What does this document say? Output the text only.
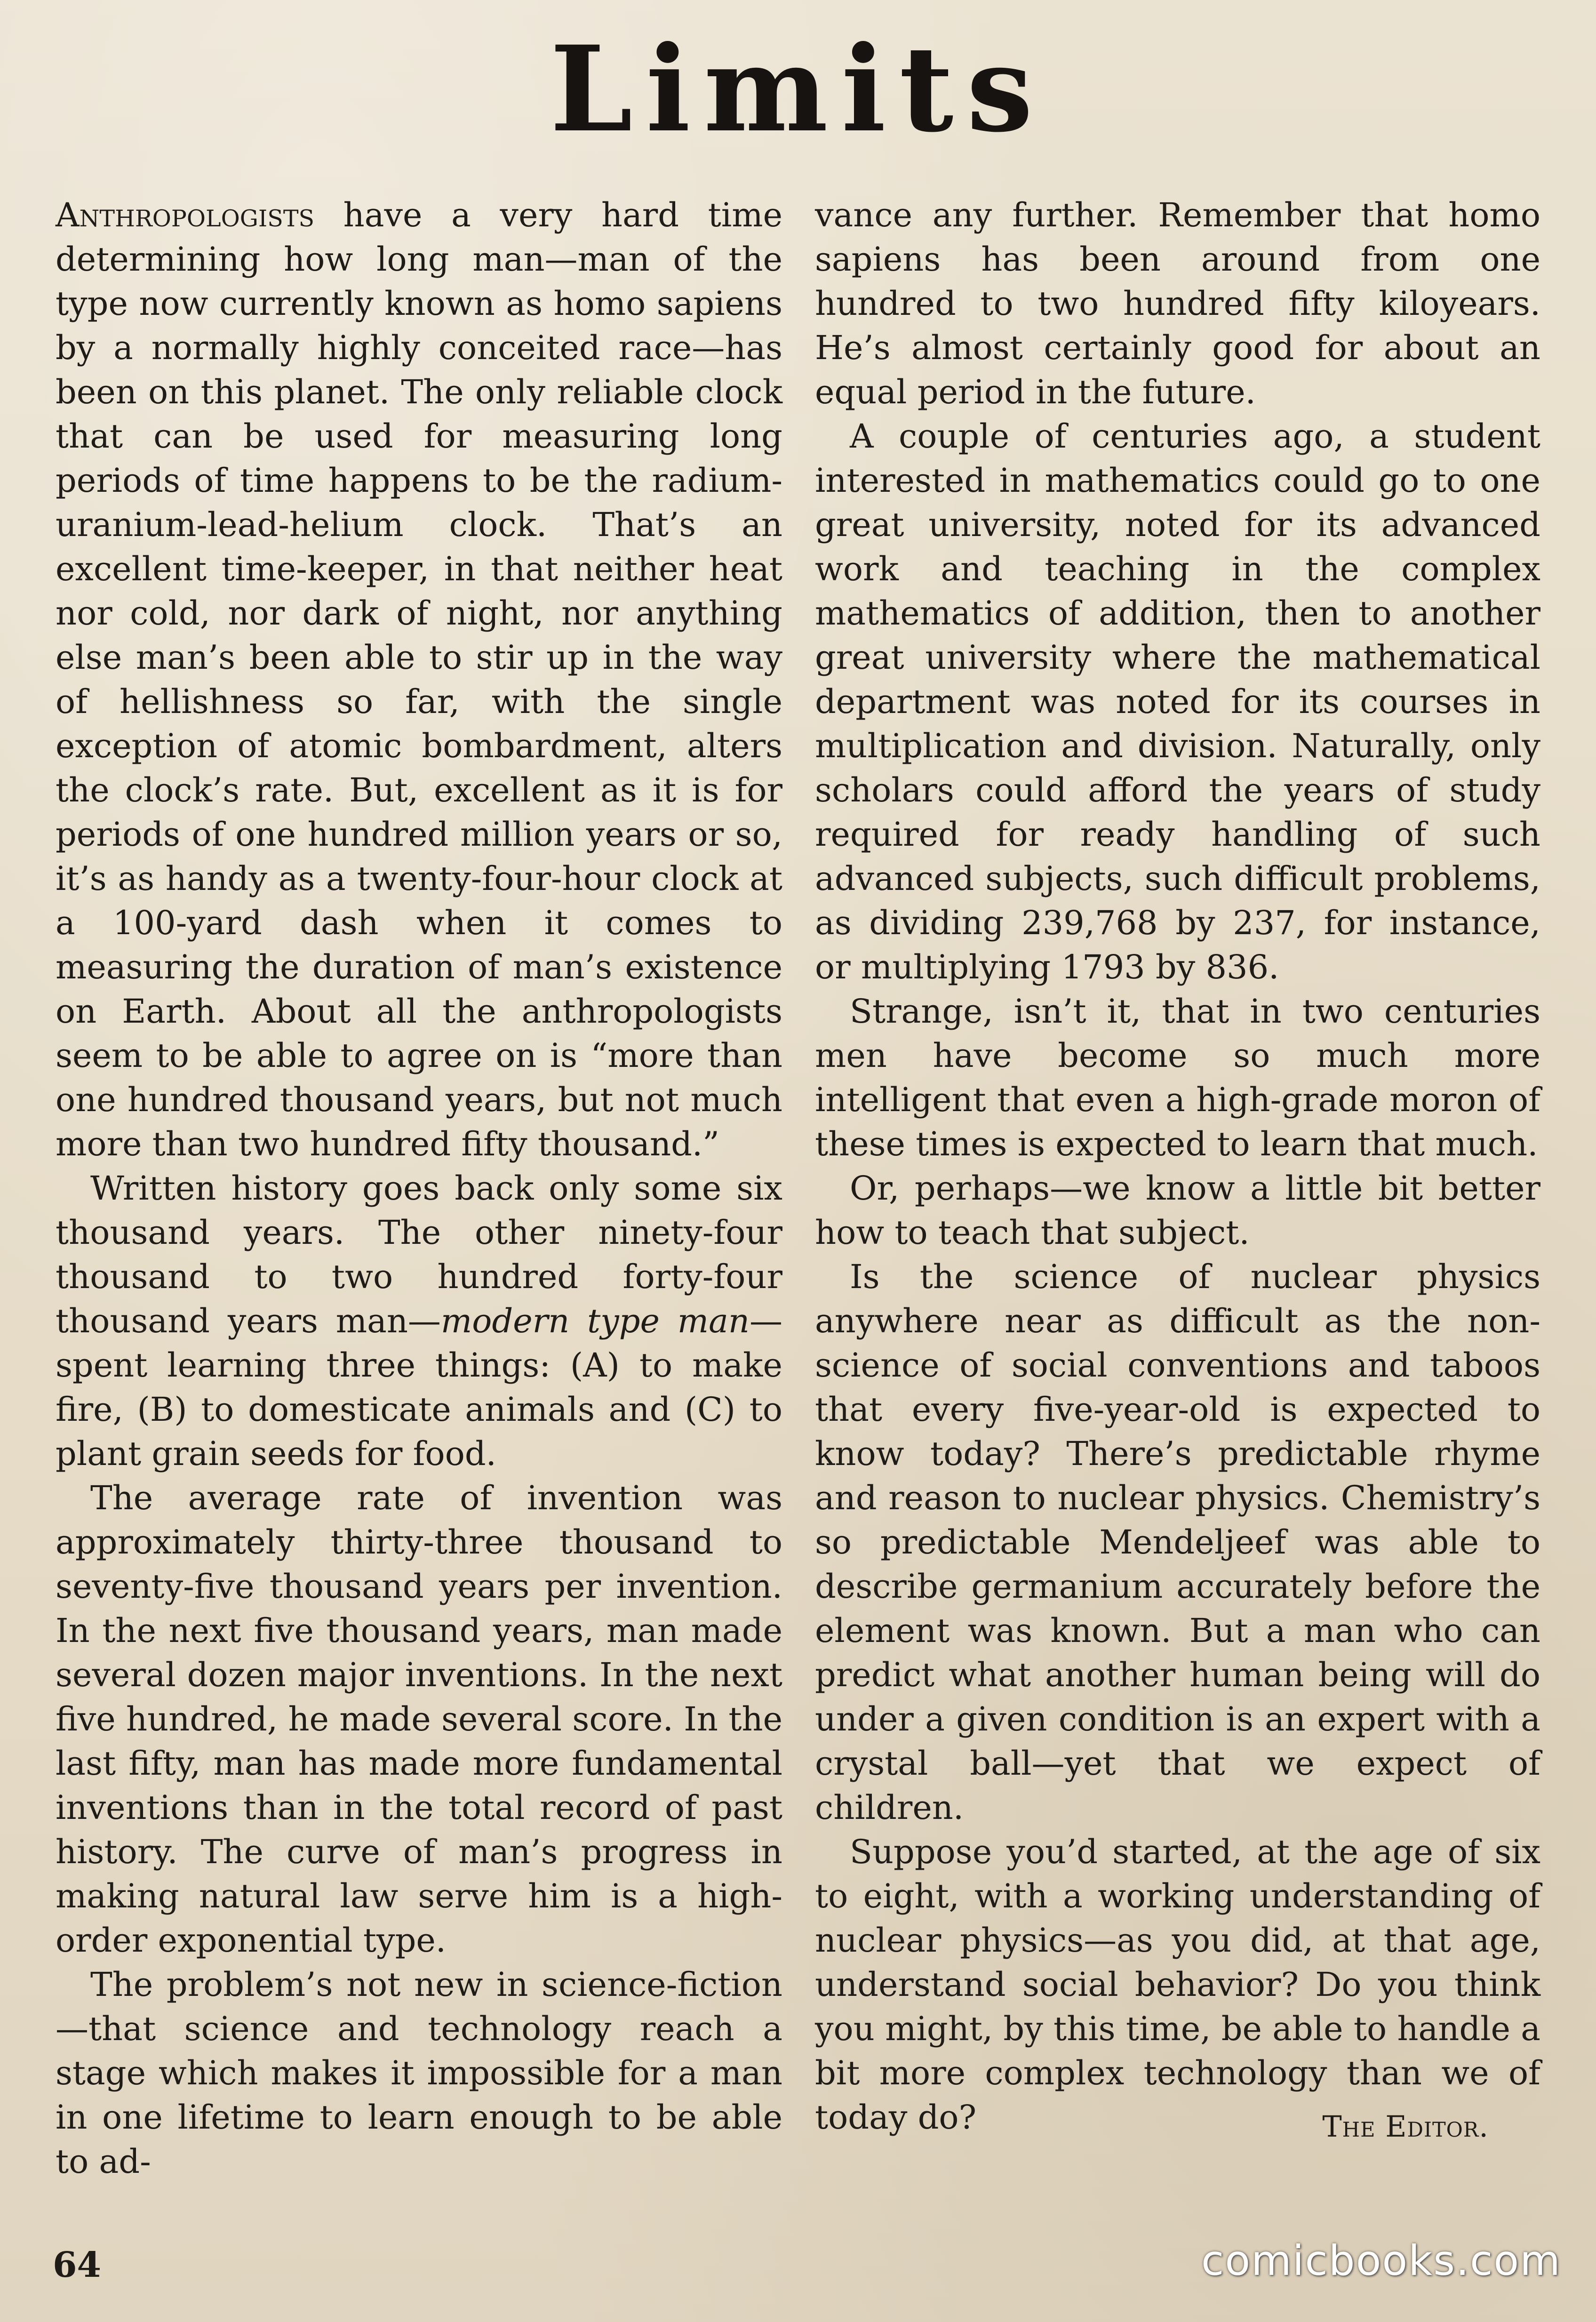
Limits

Anthropologists have a very hard time determining how long man—man of the type now currently known as homo sapiens by a normally highly conceited race—has been on this planet. The only reliable clock that can be used for measuring long periods of time happens to be the radium-uranium-lead-helium clock. That’s an excellent time-keeper, in that neither heat nor cold, nor dark of night, nor anything else man’s been able to stir up in the way of hellishness so far, with the single exception of atomic bombardment, alters the clock’s rate. But, excellent as it is for periods of one hundred million years or so, it’s as handy as a twenty-four-hour clock at a 100-yard dash when it comes to measuring the duration of man’s existence on Earth. About all the anthropologists seem to be able to agree on is “more than one hundred thousand years, but not much more than two hundred fifty thousand.”

Written history goes back only some six thousand years. The other ninety-four thousand to two hundred forty-four thousand years man—modern type man—spent learning three things: (A) to make fire, (B) to domesticate animals and (C) to plant grain seeds for food.

The average rate of invention was approximately thirty-three thousand to seventy-five thousand years per invention. In the next five thousand years, man made several dozen major inventions. In the next five hundred, he made several score. In the last fifty, man has made more fundamental inventions than in the total record of past history. The curve of man’s progress in making natural law serve him is a high-order exponential type.

The problem’s not new in science-fiction —that science and technology reach a stage which makes it impossible for a man in one lifetime to learn enough to be able to ad-

vance any further. Remember that homo sapiens has been around from one hundred to two hundred fifty kiloyears. He’s almost certainly good for about an equal period in the future.

A couple of centuries ago, a student interested in mathematics could go to one great university, noted for its advanced work and teaching in the complex mathematics of addition, then to another great university where the mathematical department was noted for its courses in multiplication and division. Naturally, only scholars could afford the years of study required for ready handling of such advanced subjects, such difficult problems, as dividing 239,768 by 237, for instance, or multiplying 1793 by 836.

Strange, isn’t it, that in two centuries men have become so much more intelligent that even a high-grade moron of these times is expected to learn that much.

Or, perhaps—we know a little bit better how to teach that subject.

Is the science of nuclear physics anywhere near as difficult as the non-science of social conventions and taboos that every five-year-old is expected to know today? There’s predictable rhyme and reason to nuclear physics. Chemistry’s so predictable Mendeljeef was able to describe germanium accurately before the element was known. But a man who can predict what another human being will do under a given condition is an expert with a crystal ball—yet that we expect of children.

Suppose you’d started, at the age of six to eight, with a working understanding of nuclear physics—as you did, at that age, understand social behavior? Do you think you might, by this time, be able to handle a bit more complex technology than we of today do?	The Editor.
64	comicbooks.com
